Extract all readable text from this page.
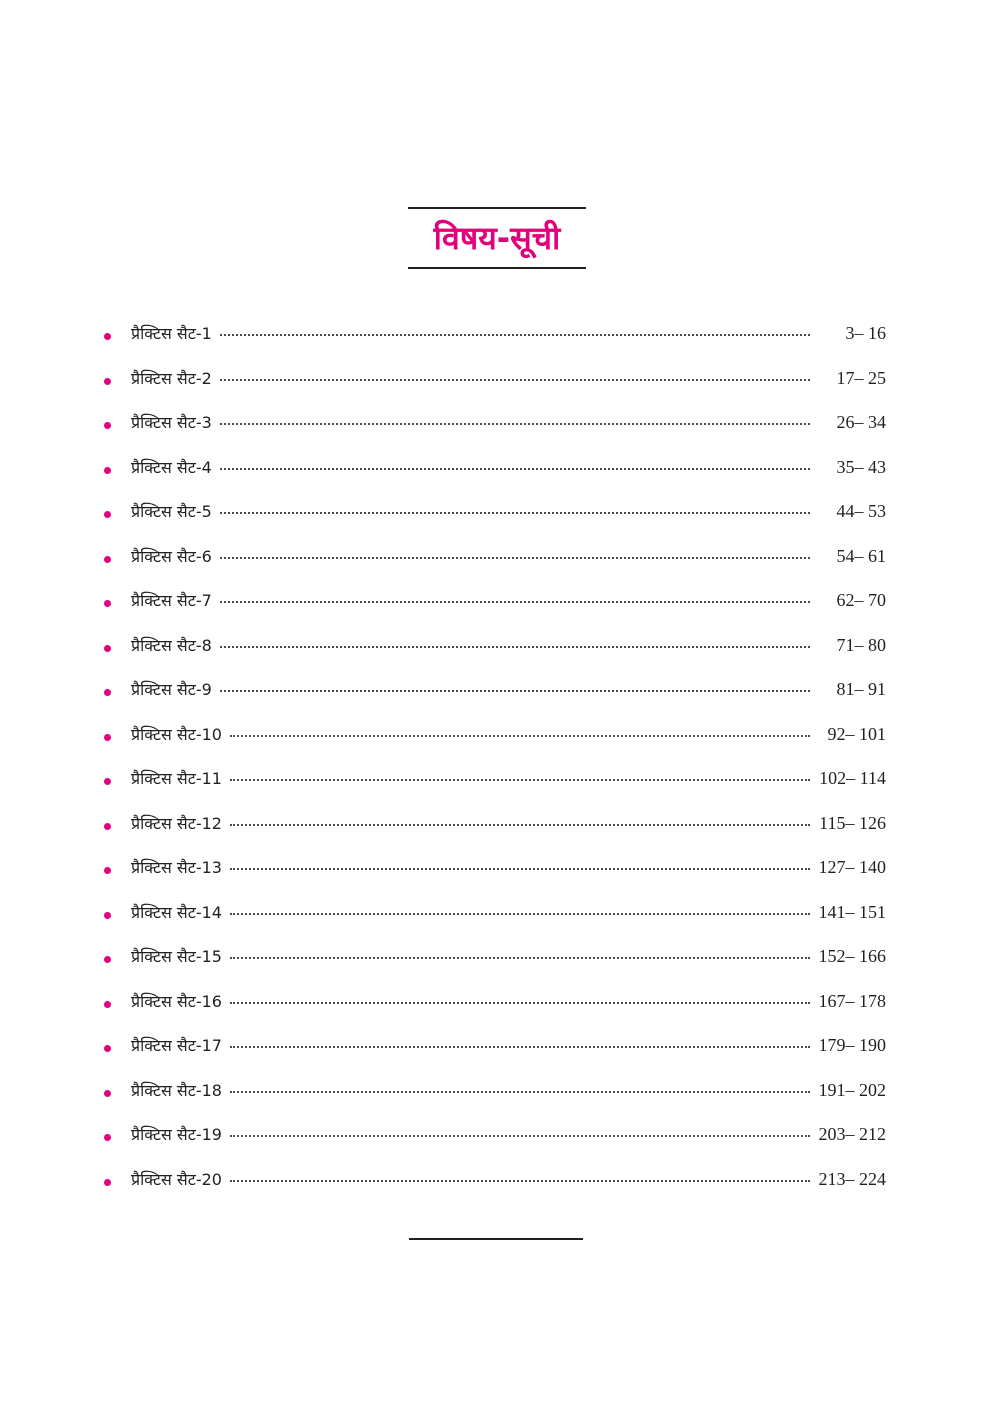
विषय-सूची
प्रैक्टिस सैट-1	3– 16
प्रैक्टिस सैट-2	17– 25
प्रैक्टिस सैट-3	26– 34
प्रैक्टिस सैट-4	35– 43
प्रैक्टिस सैट-5	44– 53
प्रैक्टिस सैट-6	54– 61
प्रैक्टिस सैट-7	62– 70
प्रैक्टिस सैट-8	71– 80
प्रैक्टिस सैट-9	81– 91
प्रैक्टिस सैट-10	92– 101
प्रैक्टिस सैट-11	102– 114
प्रैक्टिस सैट-12	115– 126
प्रैक्टिस सैट-13	127– 140
प्रैक्टिस सैट-14	141– 151
प्रैक्टिस सैट-15	152– 166
प्रैक्टिस सैट-16	167– 178
प्रैक्टिस सैट-17	179– 190
प्रैक्टिस सैट-18	191– 202
प्रैक्टिस सैट-19	203– 212
प्रैक्टिस सैट-20	213– 224
